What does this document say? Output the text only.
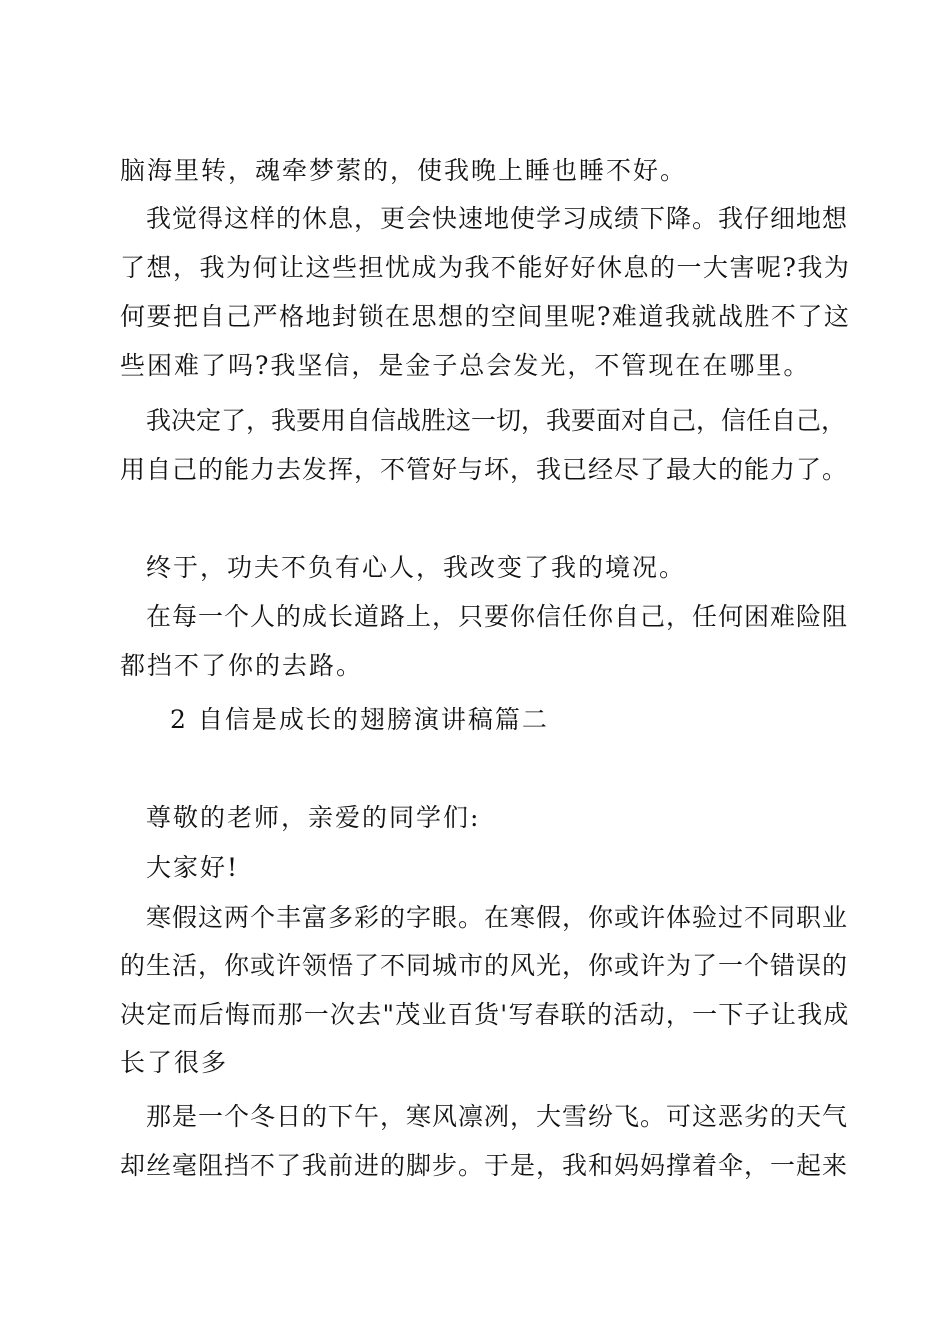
脑海里转，魂牵梦萦的，使我晚上睡也睡不好。
我觉得这样的休息，更会快速地使学习成绩下降。我仔细地想
了想，我为何让这些担忧成为我不能好好休息的一大害呢?我为
何要把自己严格地封锁在思想的空间里呢?难道我就战胜不了这
些困难了吗?我坚信，是金子总会发光，不管现在在哪里。
我决定了，我要用自信战胜这一切，我要面对自己，信任自己，
用自己的能力去发挥，不管好与坏，我已经尽了最大的能力了。
终于，功夫不负有心人，我改变了我的境况。
在每一个人的成长道路上，只要你信任你自己，任何困难险阻
都挡不了你的去路。
2 自信是成长的翅膀演讲稿篇二
尊敬的老师，亲爱的同学们:
大家好!
寒假这两个丰富多彩的字眼。在寒假，你或许体验过不同职业
的生活，你或许领悟了不同城市的风光，你或许为了一个错误的
决定而后悔而那一次去"茂业百货'写春联的活动，一下子让我成
长了很多
那是一个冬日的下午，寒风凛冽，大雪纷飞。可这恶劣的天气
却丝毫阻挡不了我前进的脚步。于是，我和妈妈撑着伞，一起来
